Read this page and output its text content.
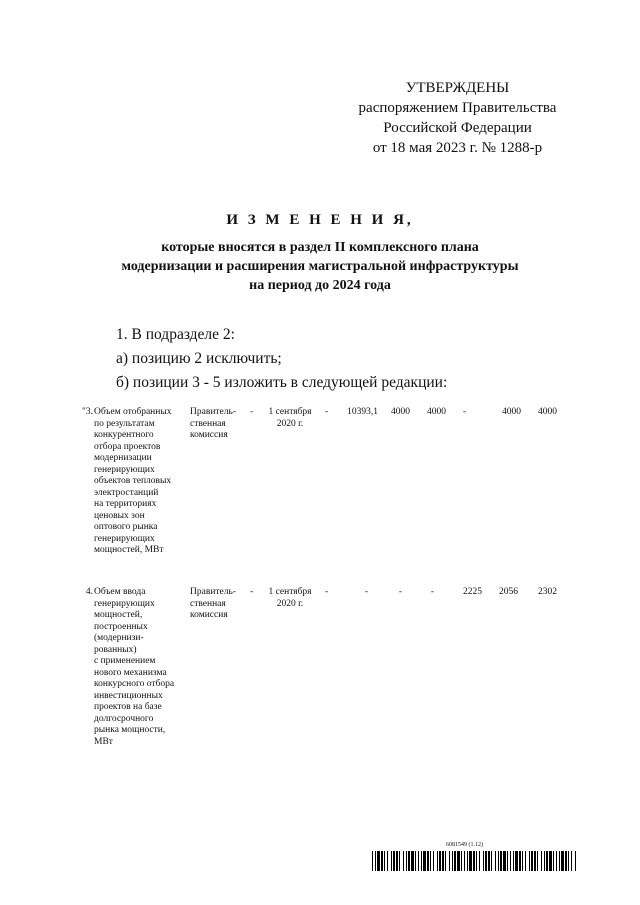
УТВЕРЖДЕНЫ
распоряжением Правительства
Российской Федерации
от 18 мая 2023 г. № 1288-р
И З М Е Н Е Н И Я,
которые вносятся в раздел II комплексного плана
модернизации и расширения магистральной инфраструктуры
на период до 2024 года
1. В подразделе 2:
а) позицию 2 исключить;
б) позиции 3 - 5 изложить в следующей редакции:
"3. Объем отобранных
по результатам
конкурентного
отбора проектов
модернизации
генерирующих
объектов тепловых
электростанций
на территориях
ценовых зон
оптового рынка
генерирующих
мощностей, МВт
Правитель-
ственная
комиссия
-	1 сентября
2020 г.
-	10393,1	4000	4000 -	4000	4000
4. Объем ввода
генерирующих
мощностей,
построенных
(модернизи-
рованных)
с применением
нового механизма
конкурсного отбора
инвестиционных
проектов на базе
долгосрочного
рынка мощности,
МВт
Правитель-
ственная
комиссия
-	1 сентября
2020 г.
-	-	-	-	2225	2056	2302
6081549 (1.12)
